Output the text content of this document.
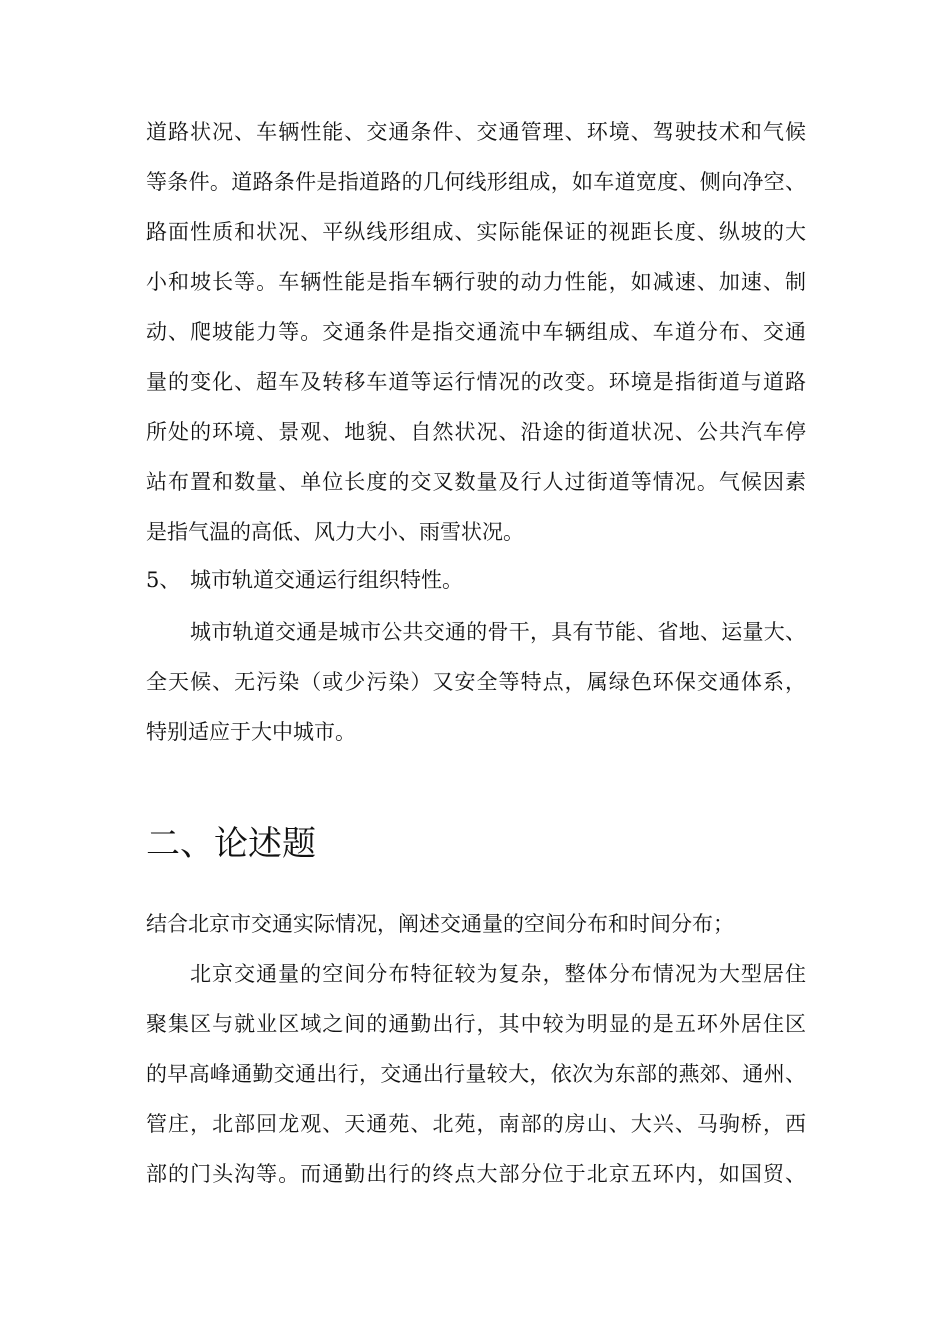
道路状况、车辆性能、交通条件、交通管理、环境、驾驶技术和气候
等条件。道路条件是指道路的几何线形组成，如车道宽度、侧向净空、
路面性质和状况、平纵线形组成、实际能保证的视距长度、纵坡的大
小和坡长等。车辆性能是指车辆行驶的动力性能，如减速、加速、制
动、爬坡能力等。交通条件是指交通流中车辆组成、车道分布、交通
量的变化、超车及转移车道等运行情况的改变。环境是指街道与道路
所处的环境、景观、地貌、自然状况、沿途的街道状况、公共汽车停
站布置和数量、单位长度的交叉数量及行人过街道等情况。气候因素
是指气温的高低、风力大小、雨雪状况。
5、 城市轨道交通运行组织特性。
城市轨道交通是城市公共交通的骨干，具有节能、省地、运量大、
全天候、无污染（或少污染）又安全等特点，属绿色环保交通体系，
特别适应于大中城市。
二、论述题
结合北京市交通实际情况，阐述交通量的空间分布和时间分布；
北京交通量的空间分布特征较为复杂，整体分布情况为大型居住
聚集区与就业区域之间的通勤出行，其中较为明显的是五环外居住区
的早高峰通勤交通出行，交通出行量较大，依次为东部的燕郊、通州、
管庄，北部回龙观、天通苑、北苑，南部的房山、大兴、马驹桥，西
部的门头沟等。而通勤出行的终点大部分位于北京五环内，如国贸、
